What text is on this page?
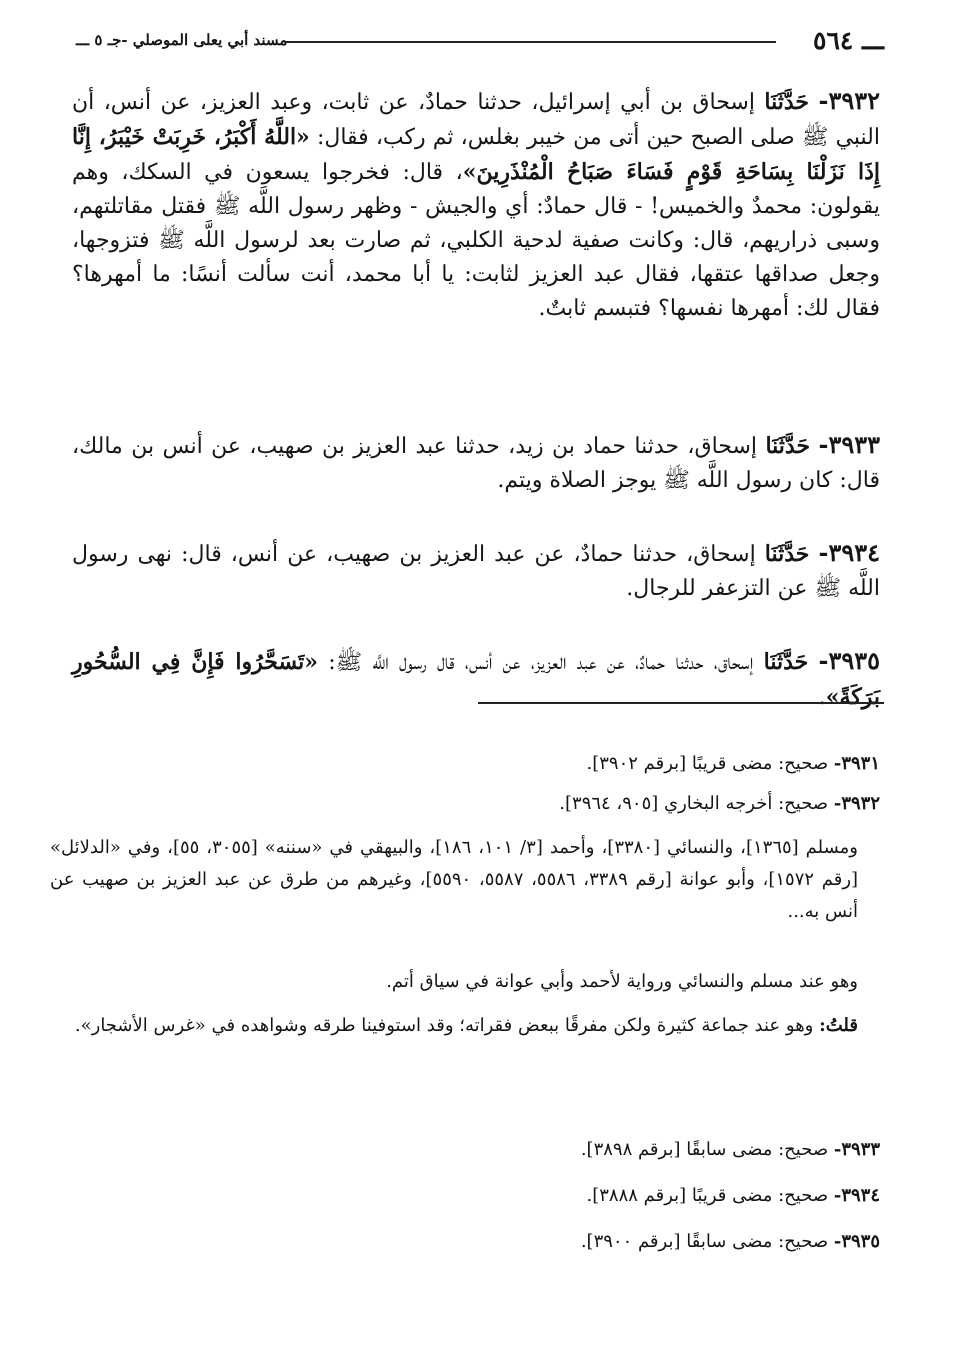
ـــ ٥٦٤
مسند أبي يعلى الموصلي -جـ ٥ ـــ
٣٩٣٢- حَدَّثَنَا إسحاق بن أبي إسرائيل، حدثنا حمادٌ، عن ثابت، وعبد العزيز، عن أنس، أن النبي ﷺ صلى الصبح حين أتى من خيبر بغلس، ثم ركب، فقال: «اللَّهُ أَكْبَرُ، خَرِبَتْ خَيْبَرُ، إِنَّا إِذَا نَزَلْنَا بِسَاحَةِ قَوْمٍ فَسَاءَ صَبَاحُ الْمُنْذَرِينَ»، قال: فخرجوا يسعون في السكك، وهم يقولون: محمدٌ والخميس! - قال حمادٌ: أي والجيش - وظهر رسول اللَّه ﷺ فقتل مقاتلتهم، وسبى ذراريهم، قال: وكانت صفية لدحية الكلبي، ثم صارت بعد لرسول اللَّه ﷺ فتزوجها، وجعل صداقها عتقها، فقال عبد العزيز لثابت: يا أبا محمد، أنت سألت أنسًا: ما أمهرها؟ فقال لك: أمهرها نفسها؟ فتبسم ثابتٌ.
٣٩٣٣- حَدَّثَنَا إسحاق، حدثنا حماد بن زيد، حدثنا عبد العزيز بن صهيب، عن أنس بن مالك، قال: كان رسول اللَّه ﷺ يوجز الصلاة ويتم.
٣٩٣٤- حَدَّثَنَا إسحاق، حدثنا حمادٌ، عن عبد العزيز بن صهيب، عن أنس، قال: نهى رسول اللَّه ﷺ عن التزعفر للرجال.
٣٩٣٥- حَدَّثَنَا إسحاق، حدثنا حمادٌ، عن عبد العزيز، عن أنس، قال رسول اللَّه ﷺ: «تَسَحَّرُوا فَإِنَّ فِي السُّحُورِ بَرَكَةً».
٣٩٣١- صحيح: مضى قريبًا [برقم ٣٩٠٢].
٣٩٣٢- صحيح: أخرجه البخاري [٩٠٥، ٣٩٦٤].
ومسلم [١٣٦٥]، والنسائي [٣٣٨٠]، وأحمد [٣/ ١٠١، ١٨٦]، والبيهقي في «سننه» [٣٠٥٥، ٥٥]، وفي «الدلائل» [رقم ١٥٧٢]، وأبو عوانة [رقم ٣٣٨٩، ٥٥٨٦، ٥٥٨٧، ٥٥٩٠]، وغيرهم من طرق عن عبد العزيز بن صهيب عن أنس به...
وهو عند مسلم والنسائي ورواية لأحمد وأبي عوانة في سياق أتم.
قلتُ: وهو عند جماعة كثيرة ولكن مفرقًا ببعض فقراته؛ وقد استوفينا طرقه وشواهده في «غرس الأشجار».
٣٩٣٣- صحيح: مضى سابقًا [برقم ٣٨٩٨].
٣٩٣٤- صحيح: مضى قريبًا [برقم ٣٨٨٨].
٣٩٣٥- صحيح: مضى سابقًا [برقم ٣٩٠٠].
